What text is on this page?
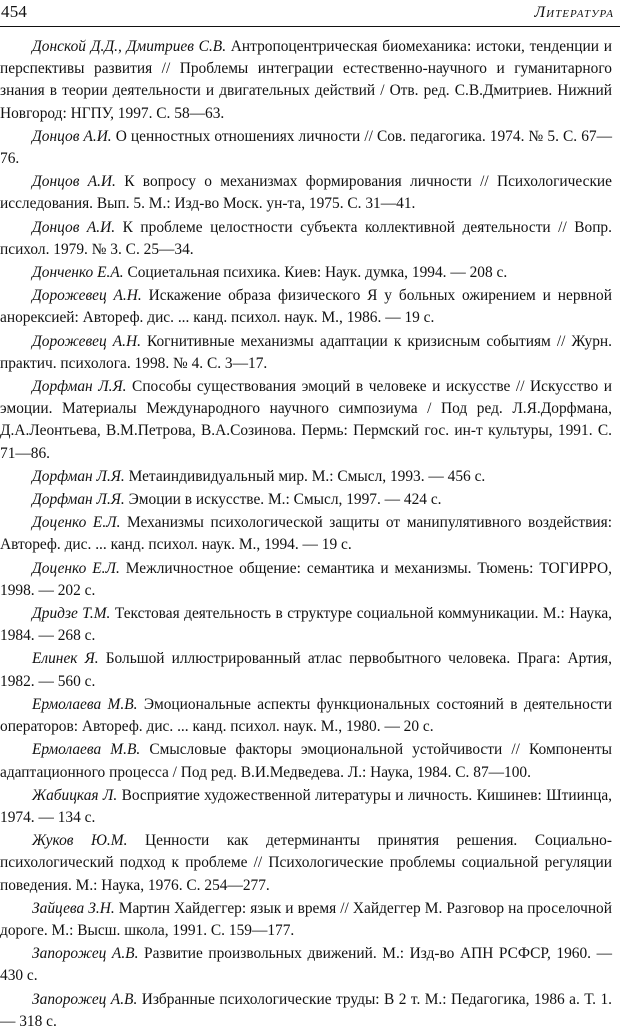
454	Литература

Донской Д.Д., Дмитриев С.В. Антропоцентрическая биомеханика: истоки, тенденции и перспективы развития // Проблемы интеграции естественно-научного и гуманитарного знания в теории деятельности и двигательных действий / Отв. ред. С.В.Дмитриев. Нижний Новгород: НГПУ, 1997. С. 58—63.

Донцов А.И. О ценностных отношениях личности // Сов. педагогика. 1974. № 5. С. 67—76.

Донцов А.И. К вопросу о механизмах формирования личности // Психологические исследования. Вып. 5. М.: Изд-во Моск. ун-та, 1975. С. 31—41.

Донцов А.И. К проблеме целостности субъекта коллективной деятельности // Вопр. психол. 1979. № 3. С. 25—34.

Донченко Е.А. Социетальная психика. Киев: Наук. думка, 1994. — 208 с.

Дорожевец А.Н. Искажение образа физического Я у больных ожирением и нервной анорексией: Автореф. дис. ... канд. психол. наук. М., 1986. — 19 с.

Дорожевец А.Н. Когнитивные механизмы адаптации к кризисным событиям // Журн. практич. психолога. 1998. № 4. С. 3—17.

Дорфман Л.Я. Способы существования эмоций в человеке и искусстве // Искусство и эмоции. Материалы Международного научного симпозиума / Под ред. Л.Я.Дорфмана, Д.А.Леонтьева, В.М.Петрова, В.А.Созинова. Пермь: Пермский гос. ин-т культуры, 1991. С. 71—86.

Дорфман Л.Я. Метаиндивидуальный мир. М.: Смысл, 1993. — 456 с.

Дорфман Л.Я. Эмоции в искусстве. М.: Смысл, 1997. — 424 с.

Доценко Е.Л. Механизмы психологической защиты от манипулятивного воздействия: Автореф. дис. ... канд. психол. наук. М., 1994. — 19 с.

Доценко Е.Л. Межличностное общение: семантика и механизмы. Тюмень: ТОГИРРО, 1998. — 202 с.

Дридзе Т.М. Текстовая деятельность в структуре социальной коммуникации. М.: Наука, 1984. — 268 с.

Елинек Я. Большой иллюстрированный атлас первобытного человека. Прага: Артия, 1982. — 560 с.

Ермолаева М.В. Эмоциональные аспекты функциональных состояний в деятельности операторов: Автореф. дис. ... канд. психол. наук. М., 1980. — 20 с.

Ермолаева М.В. Смысловые факторы эмоциональной устойчивости // Компоненты адаптационного процесса / Под ред. В.И.Медведева. Л.: Наука, 1984. С. 87—100.

Жабицкая Л. Восприятие художественной литературы и личность. Кишинев: Штиинца, 1974. — 134 с.

Жуков Ю.М. Ценности как детерминанты принятия решения. Социально-психологический подход к проблеме // Психологические проблемы социальной регуляции поведения. М.: Наука, 1976. С. 254—277.

Зайцева З.Н. Мартин Хайдеггер: язык и время // Хайдеггер М. Разговор на проселочной дороге. М.: Высш. школа, 1991. С. 159—177.

Запорожец А.В. Развитие произвольных движений. М.: Изд-во АПН РСФСР, 1960. — 430 с.

Запорожец А.В. Избранные психологические труды: В 2 т. М.: Педагогика, 1986 а. Т. 1. — 318 с.
